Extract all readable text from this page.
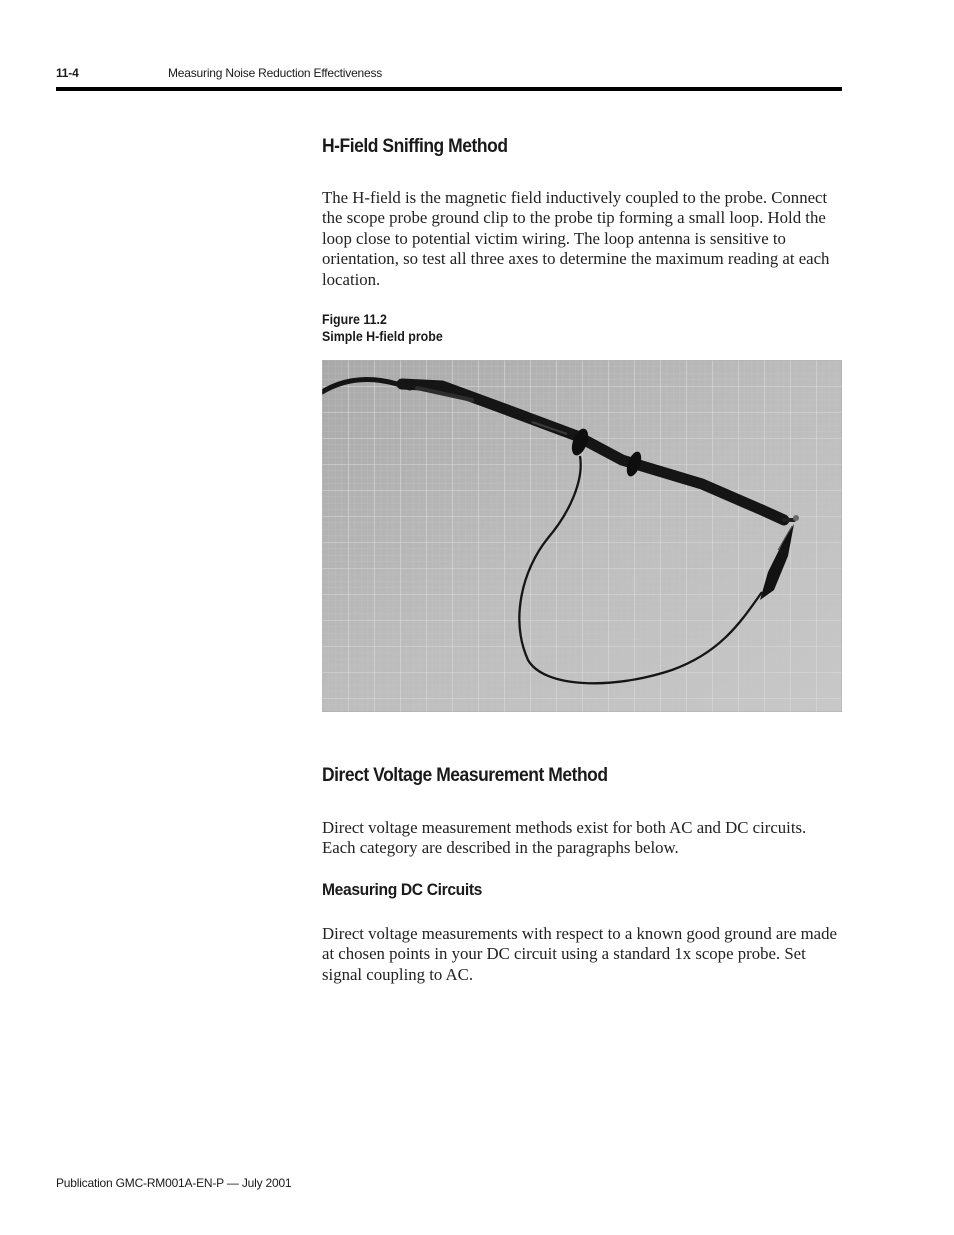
11-4	Measuring Noise Reduction Effectiveness
H-Field Sniffing Method

The H-field is the magnetic field inductively coupled to the probe. Connect the scope probe ground clip to the probe tip forming a small loop. Hold the loop close to potential victim wiring. The loop antenna is sensitive to orientation, so test all three axes to determine the maximum reading at each location.

Figure 11.2
Simple H-field probe
Direct Voltage Measurement Method

Direct voltage measurement methods exist for both AC and DC circuits. Each category are described in the paragraphs below.

Measuring DC Circuits

Direct voltage measurements with respect to a known good ground are made at chosen points in your DC circuit using a standard 1x scope probe. Set signal coupling to AC.

Publication GMC-RM001A-EN-P — July 2001
